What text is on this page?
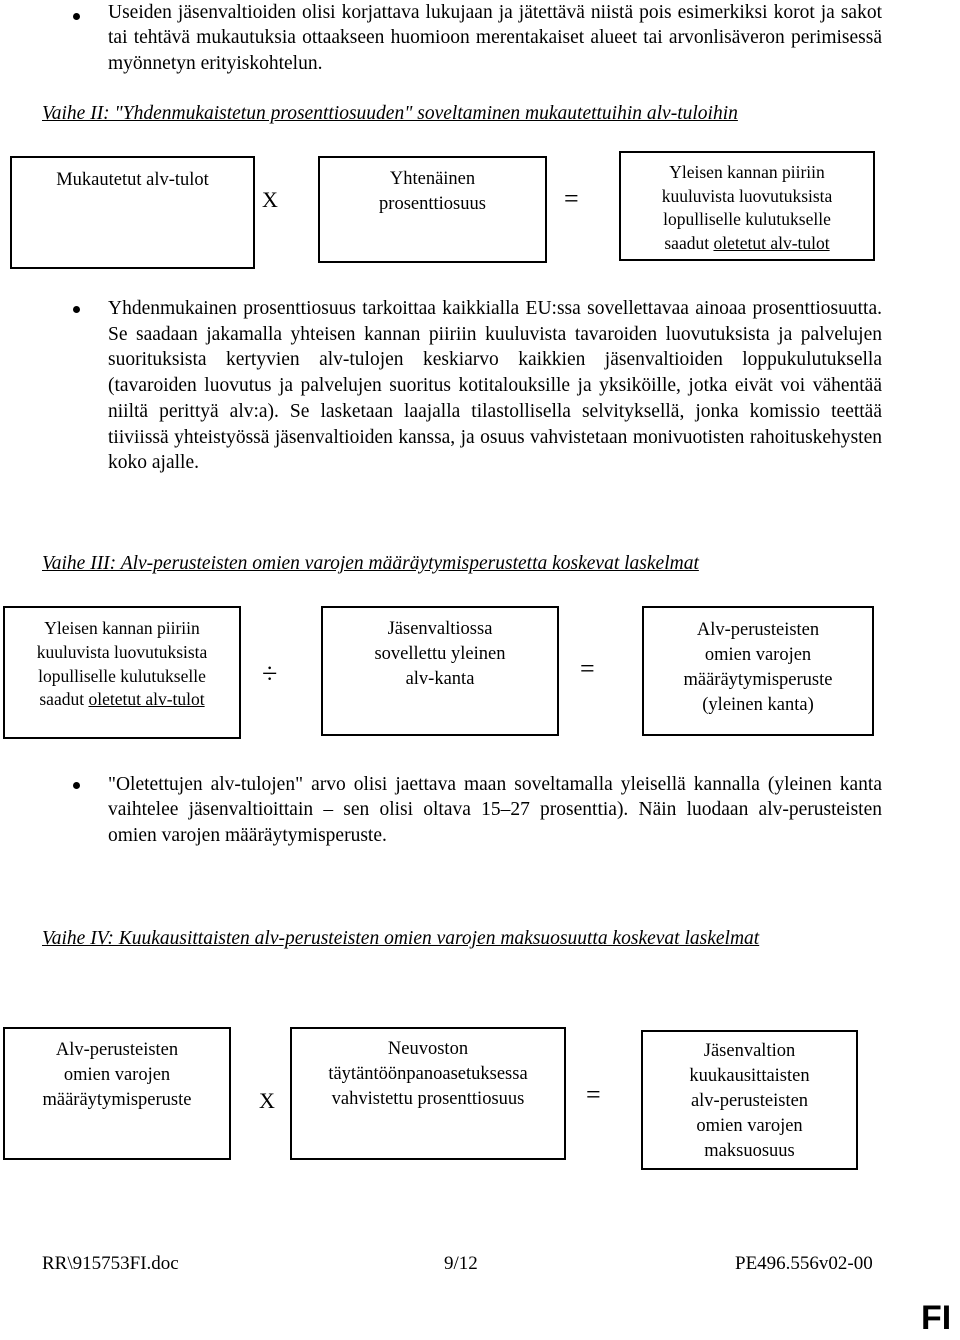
Useiden jäsenvaltioiden olisi korjattava lukujaan ja jätettävä niistä pois esimerkiksi korot ja sakot tai tehtävä mukautuksia ottaakseen huomioon merentakaiset alueet tai arvonlisäveron perimisessä myönnetyn erityiskohtelun.
Vaihe II: "Yhdenmukaistetun prosenttiosuuden" soveltaminen mukautettuihin alv-tuloihin
Mukautetut alv-tulot
X
Yhtenäinen prosenttiosuus	=
Yleisen kannan piiriin
kuuluvista luovutuksista
lopulliselle kulutukselle
saadut oletetut alv-tulot
Yhdenmukainen prosenttiosuus tarkoittaa kaikkialla EU:ssa sovellettavaa ainoaa prosenttiosuutta. Se saadaan jakamalla yhteisen kannan piiriin kuuluvista tavaroiden luovutuksista ja palvelujen suorituksista kertyvien alv-tulojen keskiarvo kaikkien jäsenvaltioiden loppukulutuksella (tavaroiden luovutus ja palvelujen suoritus kotitalouksille ja yksiköille, jotka eivät voi vähentää niiltä perittyä alv:a). Se lasketaan laajalla tilastollisella selvityksellä, jonka komissio teettää tiiviissä yhteistyössä jäsenvaltioiden kanssa, ja osuus vahvistetaan monivuotisten rahoituskehysten koko ajalle.
Vaihe III: Alv-perusteisten omien varojen määräytymisperustetta koskevat laskelmat
Yleisen kannan piiriin
kuuluvista luovutuksista
lopulliselle kulutukselle
saadut oletetut alv-tulot
÷
Jäsenvaltiossa
sovellettu yleinen
alv-kanta	=
Alv-perusteisten
omien varojen
määräytymisperuste
(yleinen kanta)
"Oletettujen alv-tulojen" arvo olisi jaettava maan soveltamalla yleisellä kannalla (yleinen kanta vaihtelee jäsenvaltioittain – sen olisi oltava 15–27 prosenttia). Näin luodaan alv-perusteisten omien varojen määräytymisperuste.
Vaihe IV: Kuukausittaisten alv-perusteisten omien varojen maksuosuutta koskevat laskelmat
Alv-perusteisten
omien varojen
määräytymisperuste	X
Neuvoston
täytäntöönpanoasetuksessa
vahvistettu prosenttiosuus	=
Jäsenvaltion
kuukausittaisten
alv-perusteisten
omien varojen
maksuosuus
RR\915753FI.doc	9/12	PE496.556v02-00
FI
